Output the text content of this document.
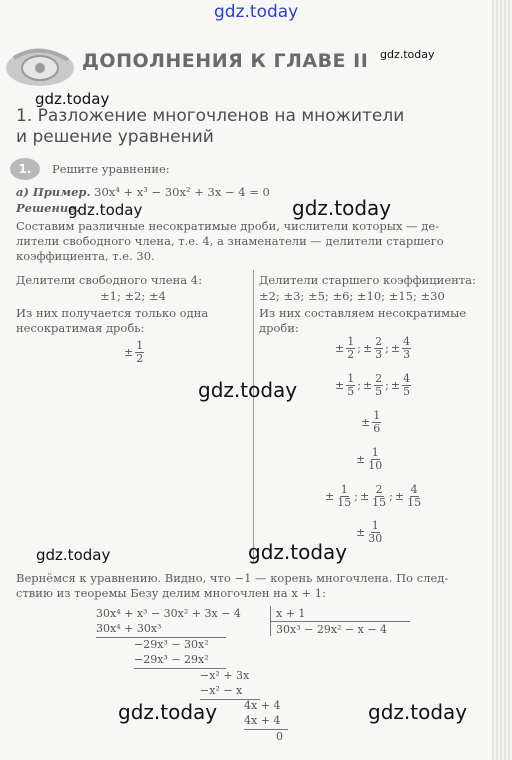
gdz.today
ДОПОЛНЕНИЯ К ГЛАВЕ II gdz.today
gdz.today
1. Разложение многочленов на множители
и решение уравнений
1.	Решите уравнение:
а) Пример. 30x⁴ + x³ − 30x² + 3x − 4 = 0
Решение.
gdz.today	gdz.today
Составим различные несократимые дроби, числители которых — де-
лители свободного члена, т.е. 4, а знаменатели — делители старшего
коэффициента, т.е. 30.
Делители свободного члена 4:
±1; ±2; ±4
Из них получается только одна
несократимая дробь:
± $\frac{1}{2}$
gdz.today
Делители старшего коэффициента:
±2; ±3; ±5; ±6; ±10; ±15; ±30
Из них составляем несократимые
дроби:
± $\frac{1}{2}$ ; ± $\frac{2}{3}$ ; ± $\frac{4}{3}$
± $\frac{1}{5}$ ; ± $\frac{2}{5}$ ; ± $\frac{4}{5}$
± $\frac{1}{6}$
± $\frac{1}{10}$
± $\frac{1}{15}$ ; ± $\frac{2}{15}$ ; ± $\frac{4}{15}$
± $\frac{1}{30}$
gdz.today	gdz.today
Вернёмся к уравнению. Видно, что −1 — корень многочлена. По след-
ствию из теоремы Безу делим многочлен на x + 1:
30x⁴ + x³ − 30x² + 3x − 4	x + 1
30x³ − 29x² − x − 4
30x⁴ + 30x³
−29x³ − 30x²
−29x³ − 29x²
−x² + 3x
−x² − x
4x + 4
4x + 4
0
gdz.today	gdz.today
